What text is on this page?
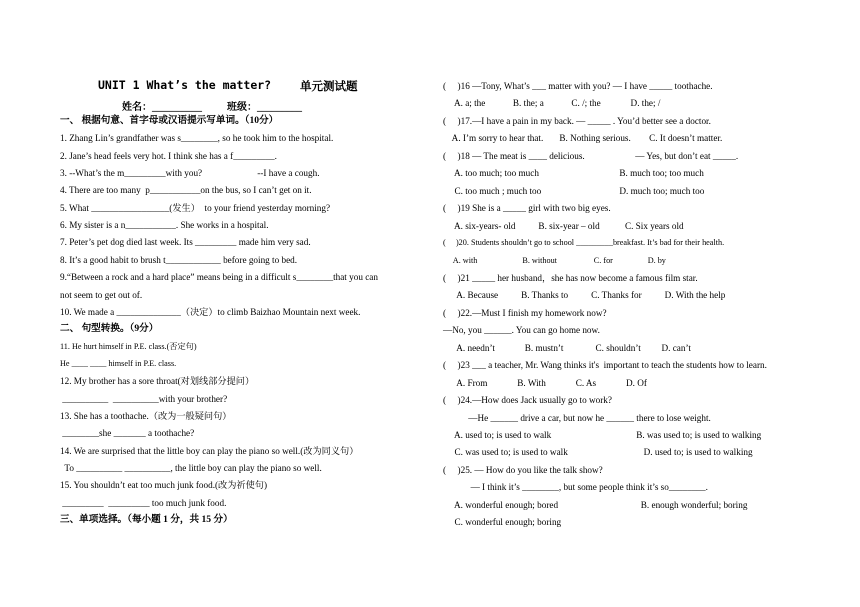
UNIT 1 What’s the matter?	单元测试题
姓名：__________          班级：_________
一、 根据句意、首字母或汉语提示写单词。（10分）
1. Zhang Lin’s grandfather was s________, so he took him to the hospital.
2. Jane’s head feels very hot. I think she has a f_________.
3. --What’s the m_________with you?                        --I have a cough.
4. There are too many  p___________on the bus, so I can’t get on it.
5. What _________________(发生）  to your friend yesterday morning?
6. My sister is a n___________. She works in a hospital.
7. Peter’s pet dog died last week. Its _________ made him very sad.
8. It’s a good habit to brush t____________ before going to bed.
9.“Between a rock and a hard place” means being in a difficult s________that you can
not seem to get out of.
10. We made a ______________（决定）to climb Baizhao Mountain next week.
二、 句型转换。（9分）
11. He hurt himself in P.E. class.(否定句)
He ____ ____ himself in P.E. class.
12. My brother has a sore throat(对划线部分提问）
__________  __________with your brother?
13. She has a toothache.（改为一般疑问句）
________she _______ a toothache?
14. We are surprised that the little boy can play the piano so well.(改为同义句）
To __________ __________, the little boy can play the piano so well.
15. You shouldn’t eat too much junk food.(改为祈使句)
_________  _________ too much junk food.
三、单项选择。（每小题 1 分，共 15 分）
(     )16 —Tony, What’s ___ matter with you? — I have _____ toothache.
A. a; the            B. the; a            C. /; the             D. the; /
(     )17.—I have a pain in my back. — _____ . You’d better see a doctor.
A. I’m sorry to hear that.       B. Nothing serious.        C. It doesn’t matter.
(     )18 — The meat is ____ delicious.                      — Yes, but don’t eat _____.
A. too much; too much                                   B. much too; too much
C. too much ; much too                                  D. much too; much too
(     )19 She is a _____ girl with two big eyes.
A. six-years- old          B. six-year – old           C. Six years old
(     )20. Students shouldn’t go to school _________breakfast. It’s bad for their health.
A. with                      B. without                  C. for                 D. by
(     )21 _____ her husband，she has now become a famous film star.
A. Because          B. Thanks to          C. Thanks for          D. With the help
(     )22.—Must I finish my homework now?
—No, you ______. You can go home now.
A. needn’t             B. mustn’t              C. shouldn’t         D. can’t
(     )23 ___ a teacher, Mr. Wang thinks it's  important to teach the students how to learn.
A. From             B. With             C. As             D. Of
(     )24.—How does Jack usually go to work?
—He ______ drive a car, but now he ______ there to lose weight.
A. used to; is used to walk                                     B. was used to; is used to walking
C. was used to; is used to walk                                 D. used to; is used to walking
(     )25. — How do you like the talk show?
— I think it’s ________, but some people think it’s so________.
A. wonderful enough; bored                                    B. enough wonderful; boring
C. wonderful enough; boring
